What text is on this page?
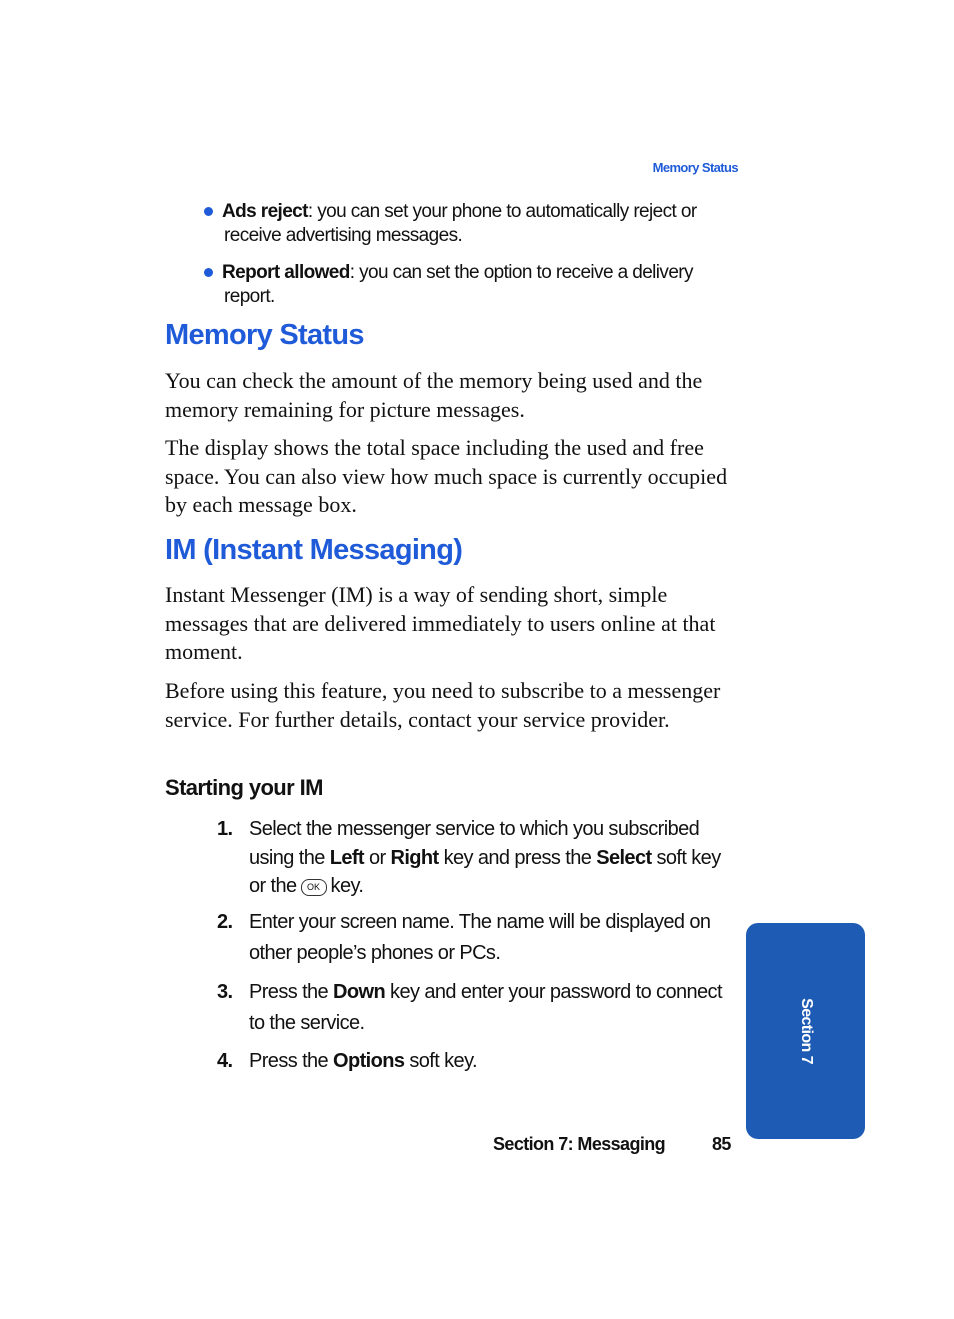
Memory Status
Ads reject: you can set your phone to automatically reject or
receive advertising messages.
Report allowed: you can set the option to receive a delivery
report.
Memory Status
You can check the amount of the memory being used and the memory remaining for picture messages.
The display shows the total space including the used and free space. You can also view how much space is currently occupied by each message box.
IM (Instant Messaging)
Instant Messenger (IM) is a way of sending short, simple messages that are delivered immediately to users online at that moment.
Before using this feature, you need to subscribe to a messenger service. For further details, contact your service provider.
Starting your IM
1. Select the messenger service to which you subscribed using the Left or Right key and press the Select soft key or the OK key.
2. Enter your screen name. The name will be displayed on other people’s phones or PCs.
3. Press the Down key and enter your password to connect to the service.
4. Press the Options soft key.	Section 7
Section 7: Messaging	85
